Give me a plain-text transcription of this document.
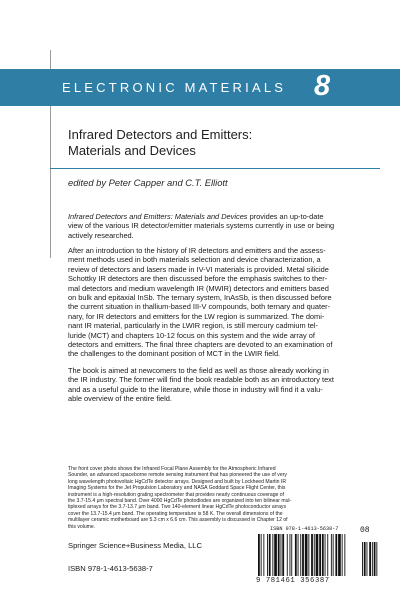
ELECTRONIC MATERIALS 8
Infrared Detectors and Emitters:
Materials and Devices
edited by Peter Capper and C.T. Elliott
Infrared Detectors and Emitters: Materials and Devices provides an up-to-date
view of the various IR detector/emitter materials systems currently in use or being
actively researched.
After an introduction to the history of IR detectors and emitters and the assess-
ment methods used in both materials selection and device characterization, a
review of detectors and lasers made in IV-VI materials is provided. Metal silicide
Schottky IR detectors are then discussed before the emphasis switches to ther-
mal detectors and medium wavelength IR (MWIR) detectors and emitters based
on bulk and epitaxial InSb. The ternary system, InAsSb, is then discussed before
the current situation in thallium-based III-V compounds, both ternary and quater-
nary, for IR detectors and emitters for the LW region is summarized. The domi-
nant IR material, particularly in the LWIR region, is still mercury cadmium tel-
luride (MCT) and chapters 10-12 focus on this system and the wide array of
detectors and emitters. The final three chapters are devoted to an examination of
the challenges to the dominant position of MCT in the LWIR field.
The book is aimed at newcomers to the field as well as those already working in
the IR industry. The former will find the book readable both as an introductory text
and as a useful guide to the literature, while those in industry will find it a valu-
able overview of the entire field.
The front cover photo shows the Infrared Focal Plane Assembly for the Atmospheric Infrared
Sounder, an advanced spaceborne remote sensing instrument that has pioneered the use of very
long wavelength photovoltaic HgCdTe detector arrays. Designed and built by Lockheed Martin IR
Imaging Systems for the Jet Propulsion Laboratory and NASA Goddard Space Flight Center, this
instrument is a high-resolution grating spectrometer that provides nearly continuous coverage of
the 3.7-15.4 μm spectral band. Over 4000 HgCdTe photodiodes are organized into ten bilinear mul-
tiplexed arrays for the 3.7-13.7 μm band. Two 140-element linear HgCdTe photoconductor arrays
cover the 13.7-15.4 μm band. The operating temperature is 58 K. The overall dimensions of the
multilayer ceramic motherboard are 5.3 cm x 6.6 cm. This assembly is discussed in Chapter 12 of
this volume.
Springer Science+Business Media, LLC
ISBN 978-1-4613-5638-7
ISBN 978-1-4613-5638-7
9 781461 356387
08
